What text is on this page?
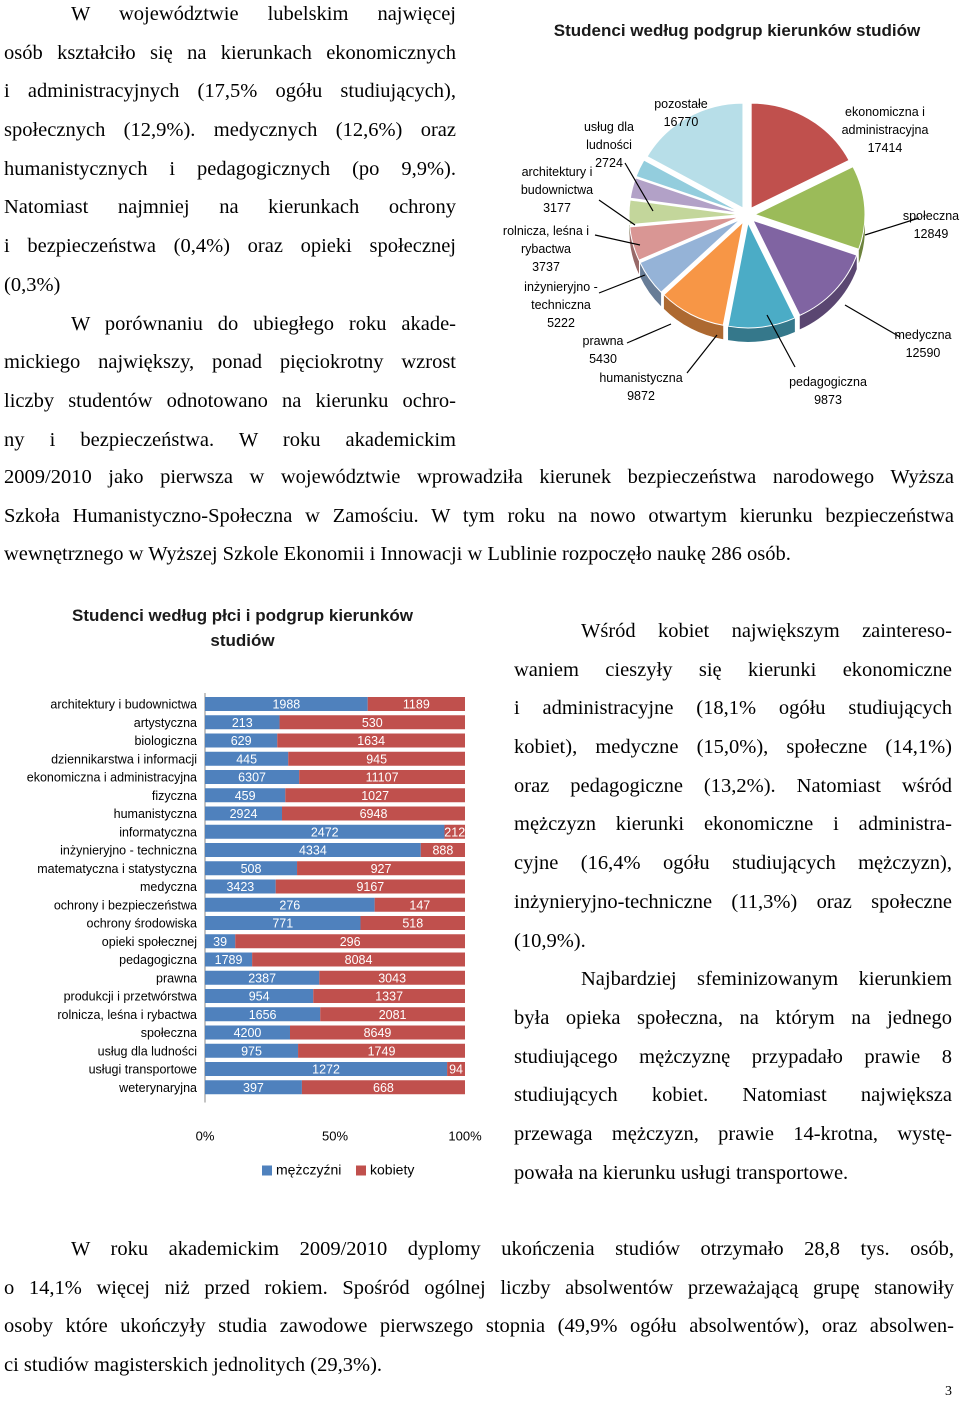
W województwie lubelskim najwięcej
osób kształciło się na kierunkach ekonomicznych
i administracyjnych (17,5% ogółu studiujących),
społecznych (12,9%). medycznych (12,6%) oraz
humanistycznych i pedagogicznych (po 9,9%).
Natomiast najmniej na kierunkach ochrony
i bezpieczeństwa (0,4%) oraz opieki społecznej
(0,3%)
W porównaniu do ubiegłego roku akade-
mickiego największy, ponad pięciokrotny wzrost
liczby studentów odnotowano na kierunku ochro-
ny i bezpieczeństwa. W roku akademickim
Studenci według podgrup kierunków studiów
ekonomiczna i administracyjna 17414
społeczna 12849
medyczna 12590
pedagogiczna 9873
humanistyczna 9872
prawna 5430
inżynieryjno -techniczna 5222
rolnicza, leśna i rybactwa 3737
architektury i budownictwa 3177
usług dla ludności 2724
pozostałe 16770
2009/2010 jako pierwsza w województwie wprowadziła kierunek bezpieczeństwa narodowego Wyższa
Szkoła Humanistyczno-Społeczna w Zamościu. W tym roku na nowo otwartym kierunku bezpieczeństwa
wewnętrznego w Wyższej Szkole Ekonomii i Innowacji w Lublinie rozpoczęło naukę 286 osób.
Studenci według płci i podgrup kierunków studiów
architektury i budownictwa	1988	1189
artystyczna	213	530
biologiczna	629	1634
dziennikarstwa i informacji	445	945
ekonomiczna i administracyjna	6307	11107
fizyczna	459	1027
humanistyczna	2924	6948
informatyczna	2472	212
inżynieryjno - techniczna	4334	888
matematyczna i statystyczna	508	927
medyczna 3423	9167
ochrony i bezpieczeństwa	276	147
ochrony środowiska	771	518
opieki społecznej 39	296
pedagogiczna 1789	8084
prawna	2387	3043
produkcji i przetwórstwa	954	1337
rolnicza, leśna i rybactwa	1656	2081
społeczna	4200	8649
usług dla ludności	975	1749
usługi transportowe	1272	94
weterynaryjna	397	668
0%	50%	100%
mężczyźni kobiety
Wśród kobiet największym zaintereso-
waniem cieszyły się kierunki ekonomiczne
i administracyjne (18,1% ogółu studiujących
kobiet), medyczne (15,0%), społeczne (14,1%)
oraz pedagogiczne (13,2%). Natomiast wśród
mężczyzn kierunki ekonomiczne i administra-
cyjne (16,4% ogółu studiujących mężczyzn),
inżynieryjno-techniczne (11,3%) oraz społeczne
(10,9%).
Najbardziej sfeminizowanym kierunkiem
była opieka społeczna, na którym na jednego
studiującego mężczyznę przypadało prawie 8
studiujących kobiet. Natomiast największa
przewaga mężczyzn, prawie 14-krotna, wystę-
powała na kierunku usługi transportowe.
W roku akademickim 2009/2010 dyplomy ukończenia studiów otrzymało 28,8 tys. osób,
o 14,1% więcej niż przed rokiem. Spośród ogólnej liczby absolwentów przeważającą grupę stanowiły
osoby które ukończyły studia zawodowe pierwszego stopnia (49,9% ogółu absolwentów), oraz absolwen-
ci studiów magisterskich jednolitych (29,3%).
3
